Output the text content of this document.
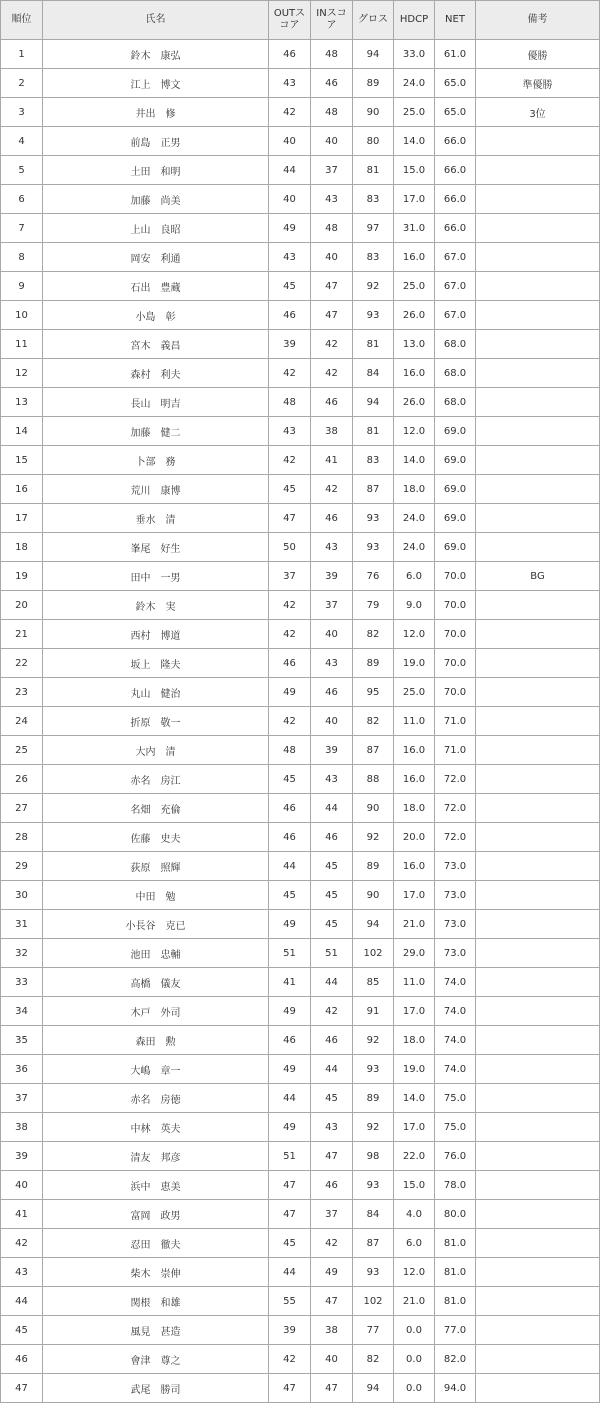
順位	氏名	OUTスコア	INスコア	グロス	HDCP	NET	備考
1	鈴木　康弘	46	48	94	33.0	61.0	優勝
2	江上　博文	43	46	89	24.0	65.0	準優勝
3	井出　修	42	48	90	25.0	65.0	3位
4	前島　正男	40	40	80	14.0	66.0	
5	土田　和明	44	37	81	15.0	66.0	
6	加藤　尚美	40	43	83	17.0	66.0	
7	上山　良昭	49	48	97	31.0	66.0	
8	岡安　利通	43	40	83	16.0	67.0	
9	石出　豊蔵	45	47	92	25.0	67.0	
10	小島　彰	46	47	93	26.0	67.0	
11	宮木　義昌	39	42	81	13.0	68.0	
12	森村　利夫	42	42	84	16.0	68.0	
13	長山　明吉	48	46	94	26.0	68.0	
14	加藤　健二	43	38	81	12.0	69.0	
15	卜部　務	42	41	83	14.0	69.0	
16	荒川　康博	45	42	87	18.0	69.0	
17	垂水　清	47	46	93	24.0	69.0	
18	峯尾　好生	50	43	93	24.0	69.0	
19	田中　一男	37	39	76	6.0	70.0	BG
20	鈴木　実	42	37	79	9.0	70.0	
21	西村　博道	42	40	82	12.0	70.0	
22	坂上　隆夫	46	43	89	19.0	70.0	
23	丸山　健治	49	46	95	25.0	70.0	
24	折原　敬一	42	40	82	11.0	71.0	
25	大内　清	48	39	87	16.0	71.0	
26	赤名　房江	45	43	88	16.0	72.0	
27	名畑　充倫	46	44	90	18.0	72.0	
28	佐藤　史夫	46	46	92	20.0	72.0	
29	荻原　照輝	44	45	89	16.0	73.0	
30	中田　勉	45	45	90	17.0	73.0	
31	小長谷　克已	49	45	94	21.0	73.0	
32	池田　忠輔	51	51	102	29.0	73.0	
33	高橋　儀友	41	44	85	11.0	74.0	
34	木戸　外司	49	42	91	17.0	74.0	
35	森田　勲	46	46	92	18.0	74.0	
36	大嶋　章一	49	44	93	19.0	74.0	
37	赤名　房徳	44	45	89	14.0	75.0	
38	中林　英夫	49	43	92	17.0	75.0	
39	清友　邦彦	51	47	98	22.0	76.0	
40	浜中　恵美	47	46	93	15.0	78.0	
41	富岡　政男	47	37	84	4.0	80.0	
42	忍田　徹夫	45	42	87	6.0	81.0	
43	柴木　崇伸	44	49	93	12.0	81.0	
44	関根　和雄	55	47	102	21.0	81.0	
45	風見　甚造	39	38	77	0.0	77.0	
46	會津　尊之	42	40	82	0.0	82.0	
47	武尾　勝司	47	47	94	0.0	94.0	
